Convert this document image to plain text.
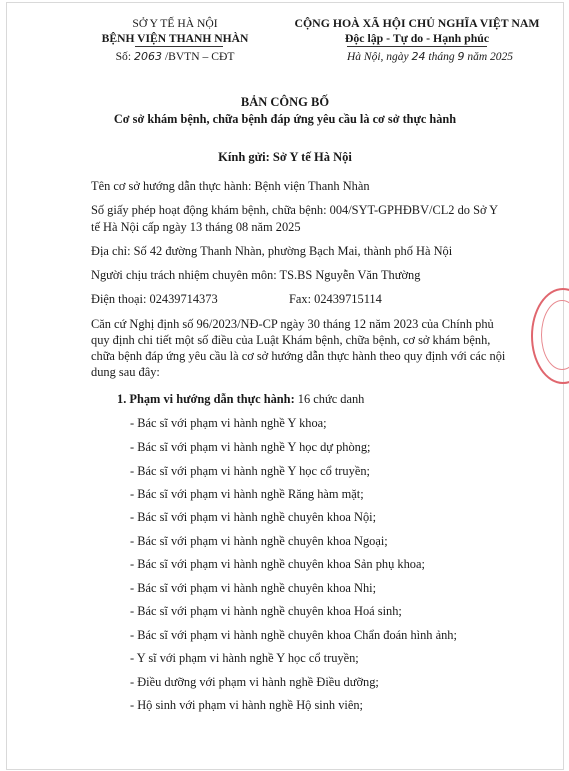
SỞ Y TẾ HÀ NỘI
BỆNH VIỆN THANH NHÀN
Số: 2063 /BVTN – CĐT
CỘNG HOÀ XÃ HỘI CHỦ NGHĨA VIỆT NAM
Độc lập - Tự do - Hạnh phúc
Hà Nội, ngày 24 tháng 9 năm 2025
BẢN CÔNG BỐ
Cơ sở khám bệnh, chữa bệnh đáp ứng yêu cầu là cơ sở thực hành
Kính gửi: Sở Y tế Hà Nội
Tên cơ sở hướng dẫn thực hành: Bệnh viện Thanh Nhàn
Số giấy phép hoạt động khám bệnh, chữa bệnh: 004/SYT-GPHĐBV/CL2 do Sở Y
tế Hà Nội cấp ngày 13 tháng 08 năm 2025
Địa chỉ: Số 42 đường Thanh Nhàn, phường Bạch Mai, thành phố Hà Nội
Người chịu trách nhiệm chuyên môn: TS.BS Nguyễn Văn Thường
Điện thoại: 02439714373	Fax: 02439715114
Căn cứ Nghị định số 96/2023/NĐ-CP ngày 30 tháng 12 năm 2023 của Chính phủ
quy định chi tiết một số điều của Luật Khám bệnh, chữa bệnh, cơ sở khám bệnh,
chữa bệnh đáp ứng yêu cầu là cơ sở hướng dẫn thực hành theo quy định với các nội
dung sau đây:
1. Phạm vi hướng dẫn thực hành: 16 chức danh
- Bác sĩ với phạm vi hành nghề Y khoa;
- Bác sĩ với phạm vi hành nghề Y học dự phòng;
- Bác sĩ với phạm vi hành nghề Y học cổ truyền;
- Bác sĩ với phạm vi hành nghề Răng hàm mặt;
- Bác sĩ với phạm vi hành nghề chuyên khoa Nội;
- Bác sĩ với phạm vi hành nghề chuyên khoa Ngoại;
- Bác sĩ với phạm vi hành nghề chuyên khoa Sản phụ khoa;
- Bác sĩ với phạm vi hành nghề chuyên khoa Nhi;
- Bác sĩ với phạm vi hành nghề chuyên khoa Hoá sinh;
- Bác sĩ với phạm vi hành nghề chuyên khoa Chẩn đoán hình ảnh;
- Y sĩ với phạm vi hành nghề Y học cổ truyền;
- Điều dưỡng với phạm vi hành nghề Điều dưỡng;
- Hộ sinh với phạm vi hành nghề Hộ sinh viên;
